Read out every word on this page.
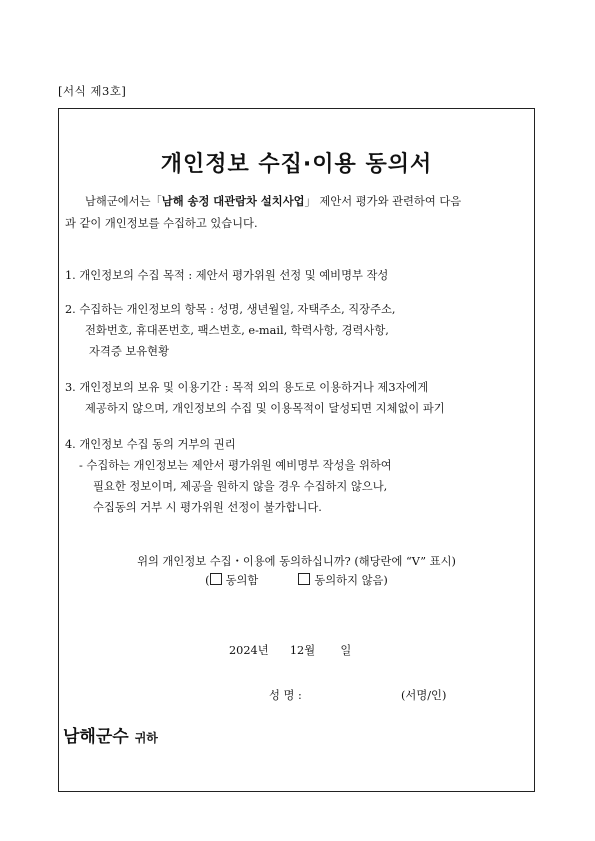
[서식 제3호]
개인정보 수집·이용 동의서
남해군에서는「남해 송정 대관람차 설치사업」 제안서 평가와 관련하여 다음
과 같이 개인정보를 수집하고 있습니다.
1. 개인정보의 수집 목적 : 제안서 평가위원 선정 및 예비명부 작성
2. 수집하는 개인정보의 항목 : 성명, 생년월일, 자택주소, 직장주소,
전화번호, 휴대폰번호, 팩스번호, e-mail, 학력사항, 경력사항,
자격증 보유현황
3. 개인정보의 보유 및 이용기간 : 목적 외의 용도로 이용하거나 제3자에게
제공하지 않으며, 개인정보의 수집 및 이용목적이 달성되면 지체없이 파기
4. 개인정보 수집 동의 거부의 권리
- 수집하는 개인정보는 제안서 평가위원 예비명부 작성을 위하여
필요한 정보이며, 제공을 원하지 않을 경우 수집하지 않으나,
수집동의 거부 시 평가위원 선정이 불가합니다.
위의 개인정보 수집・이용에 동의하십니까? (해당란에 “V” 표시)
( 동의함	동의하지 않음)
2024년 12월 일
성 명 :	(서명/인)
남해군수 귀하
